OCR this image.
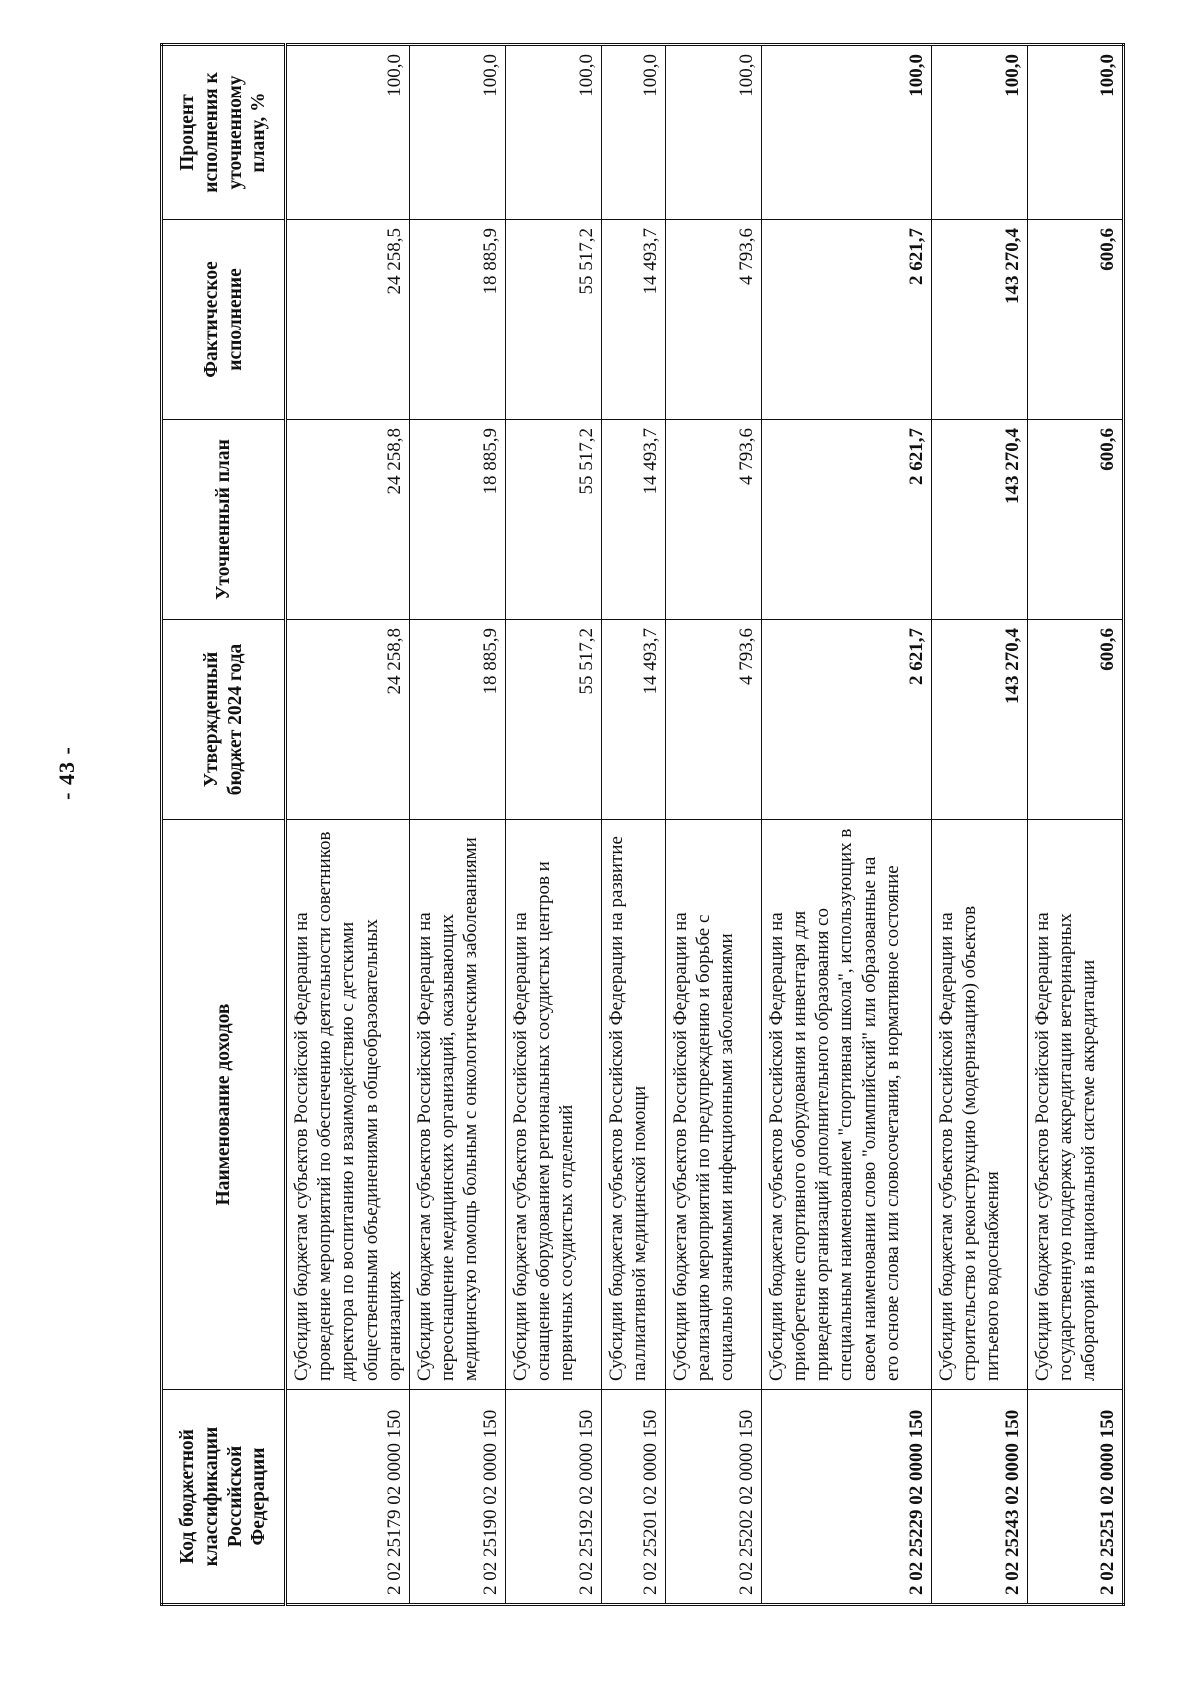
- 43 -
Код бюджетной классификации Российской Федерации	Наименование доходов	Утвержденный бюджет 2024 года	Уточненный план	Фактическое исполнение	Процент исполнения к уточненному плану, %
2 02 25179 02 0000 150	Субсидии бюджетам субъектов Российской Федерации на проведение мероприятий по обеспечению деятельности советников директора по воспитанию и взаимодействию с детскими общественными объединениями в общеобразовательных организациях	24 258,8	24 258,8	24 258,5	100,0
2 02 25190 02 0000 150	Субсидии бюджетам субъектов Российской Федерации на переоснащение медицинских организаций, оказывающих медицинскую помощь больным с онкологическими заболеваниями	18 885,9	18 885,9	18 885,9	100,0
2 02 25192 02 0000 150	Субсидии бюджетам субъектов Российской Федерации на оснащение оборудованием региональных сосудистых центров и первичных сосудистых отделений	55 517,2	55 517,2	55 517,2	100,0
2 02 25201 02 0000 150	Субсидии бюджетам субъектов Российской Федерации на развитие паллиативной медицинской помощи	14 493,7	14 493,7	14 493,7	100,0
2 02 25202 02 0000 150	Субсидии бюджетам субъектов Российской Федерации на реализацию мероприятий по предупреждению и борьбе с социально значимыми инфекционными заболеваниями	4 793,6	4 793,6	4 793,6	100,0
2 02 25229 02 0000 150	Субсидии бюджетам субъектов Российской Федерации на приобретение спортивного оборудования и инвентаря для приведения организаций дополнительного образования со специальным наименованием "спортивная школа", использующих в своем наименовании слово "олимпийский" или образованные на его основе слова или словосочетания, в нормативное состояние	2 621,7	2 621,7	2 621,7	100,0
2 02 25243 02 0000 150	Субсидии бюджетам субъектов Российской Федерации на строительство и реконструкцию (модернизацию) объектов питьевого водоснабжения	143 270,4	143 270,4	143 270,4	100,0
2 02 25251 02 0000 150	Субсидии бюджетам субъектов Российской Федерации на государственную поддержку аккредитации ветеринарных лабораторий в национальной системе аккредитации	600,6	600,6	600,6	100,0
